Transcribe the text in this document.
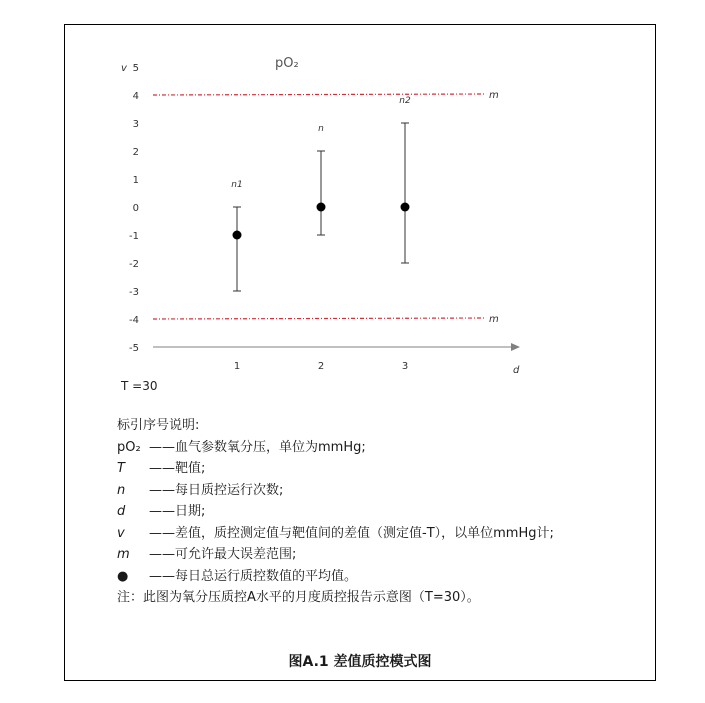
5
4
3
2
1
0
-1
-2
-3
-4
-5
1	2	3
m
m
v
d
pO₂
n1
n
n2
T =30
标引序号说明:
pO₂ —— 血气参数氧分压，单位为mmHg;
T	—— 靶值;
n	—— 每日质控运行次数;
d	—— 日期;
v	—— 差值，质控测定值与靶值间的差值（测定值-T），以单位mmHg计;
m	—— 可允许最大误差范围;
●	—— 每日总运行质控数值的平均值。
注：此图为氧分压质控A水平的月度质控报告示意图（T=30）。
图A.1 差值质控模式图
